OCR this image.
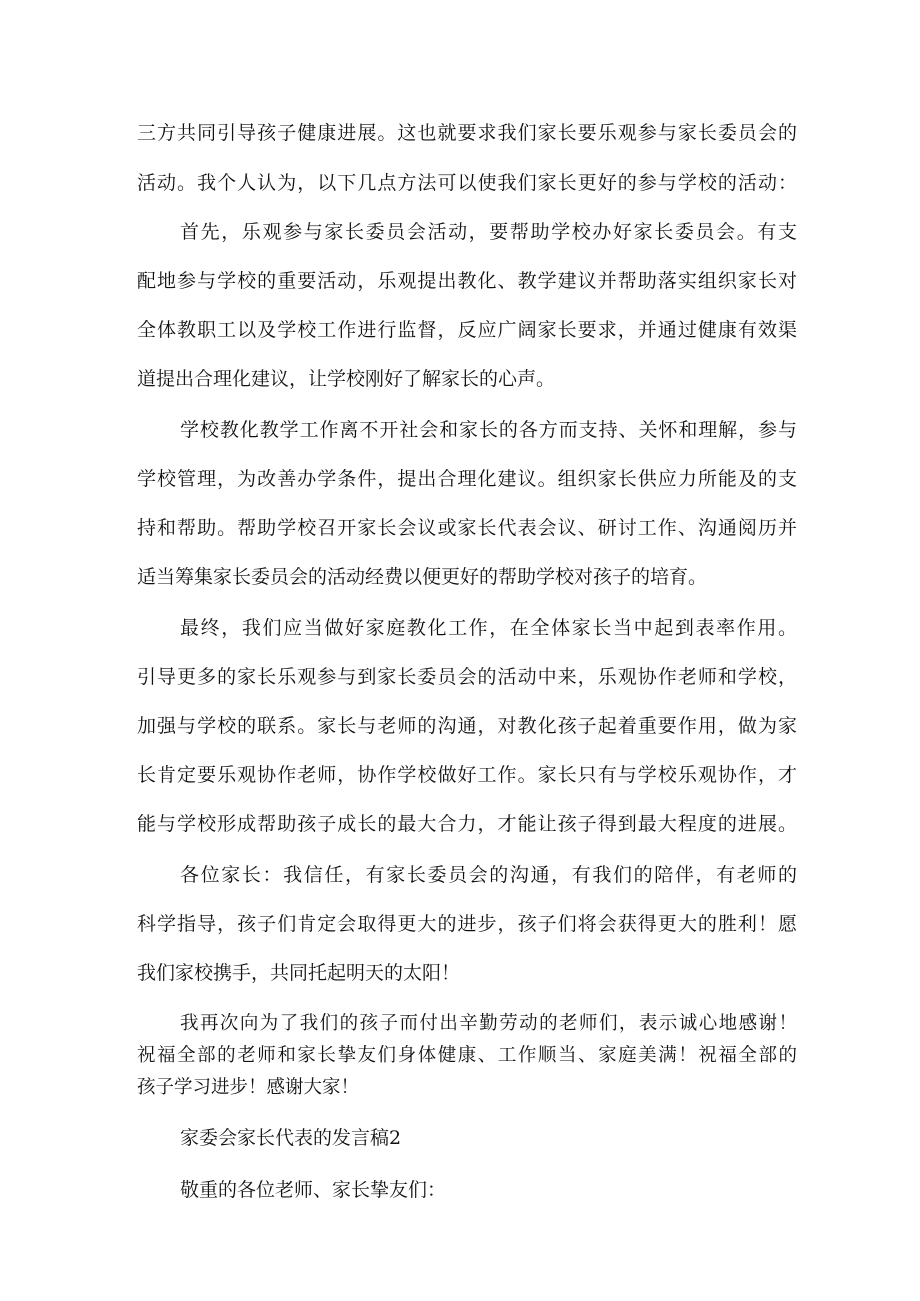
三方共同引导孩子健康进展。这也就要求我们家长要乐观参与家长委员会的
活动。我个人认为，以下几点方法可以使我们家长更好的参与学校的活动：
首先，乐观参与家长委员会活动，要帮助学校办好家长委员会。有支
配地参与学校的重要活动，乐观提出教化、教学建议并帮助落实组织家长对
全体教职工以及学校工作进行监督，反应广阔家长要求，并通过健康有效渠
道提出合理化建议，让学校刚好了解家长的心声。
学校教化教学工作离不开社会和家长的各方而支持、关怀和理解，参与
学校管理，为改善办学条件，提出合理化建议。组织家长供应力所能及的支
持和帮助。帮助学校召开家长会议或家长代表会议、研讨工作、沟通阅历并
适当筹集家长委员会的活动经费以便更好的帮助学校对孩子的培育。
最终，我们应当做好家庭教化工作，在全体家长当中起到表率作用。
引导更多的家长乐观参与到家长委员会的活动中来，乐观协作老师和学校，
加强与学校的联系。家长与老师的沟通，对教化孩子起着重要作用，做为家
长肯定要乐观协作老师，协作学校做好工作。家长只有与学校乐观协作，才
能与学校形成帮助孩子成长的最大合力，才能让孩子得到最大程度的进展。
各位家长：我信任，有家长委员会的沟通，有我们的陪伴，有老师的
科学指导，孩子们肯定会取得更大的进步，孩子们将会获得更大的胜利！愿
我们家校携手，共同托起明天的太阳！
我再次向为了我们的孩子而付出辛勤劳动的老师们，表示诚心地感谢！
祝福全部的老师和家长挚友们身体健康、工作顺当、家庭美满！祝福全部的
孩子学习进步！感谢大家！
家委会家长代表的发言稿2
敬重的各位老师、家长挚友们：
